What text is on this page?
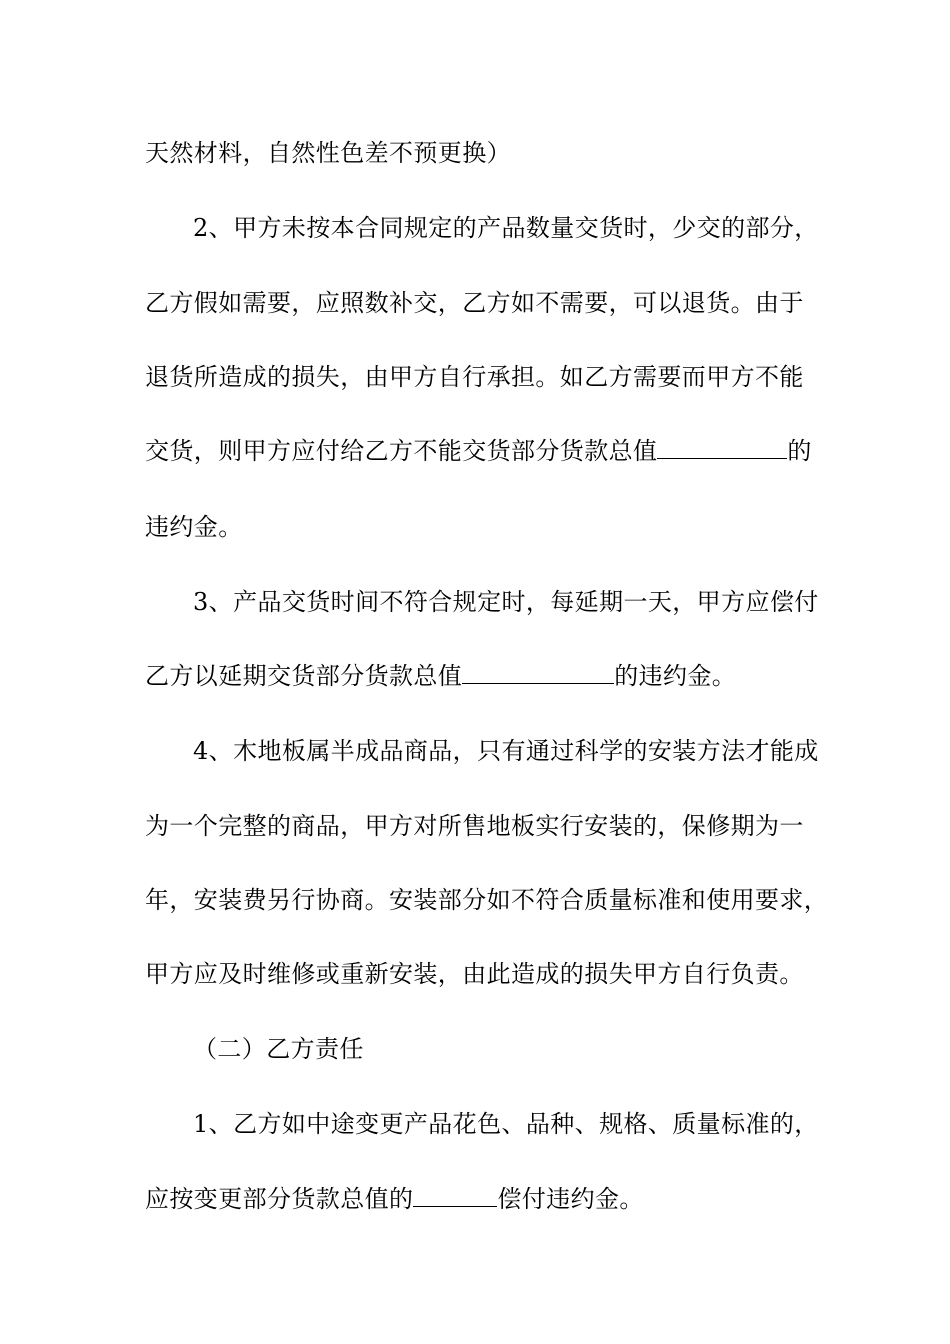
天然材料，自然性色差不预更换）
2、甲方未按本合同规定的产品数量交货时，少交的部分，
乙方假如需要，应照数补交，乙方如不需要，可以退货。由于
退货所造成的损失，由甲方自行承担。如乙方需要而甲方不能
交货，则甲方应付给乙方不能交货部分货款总值	的
违约金。
3、产品交货时间不符合规定时，每延期一天，甲方应偿付
乙方以延期交货部分货款总值	的违约金。
4、木地板属半成品商品，只有通过科学的安装方法才能成
为一个完整的商品，甲方对所售地板实行安装的，保修期为一
年，安装费另行协商。安装部分如不符合质量标准和使用要求，
甲方应及时维修或重新安装，由此造成的损失甲方自行负责。
（二）乙方责任
1、乙方如中途变更产品花色、品种、规格、质量标准的，
应按变更部分货款总值的	偿付违约金。
